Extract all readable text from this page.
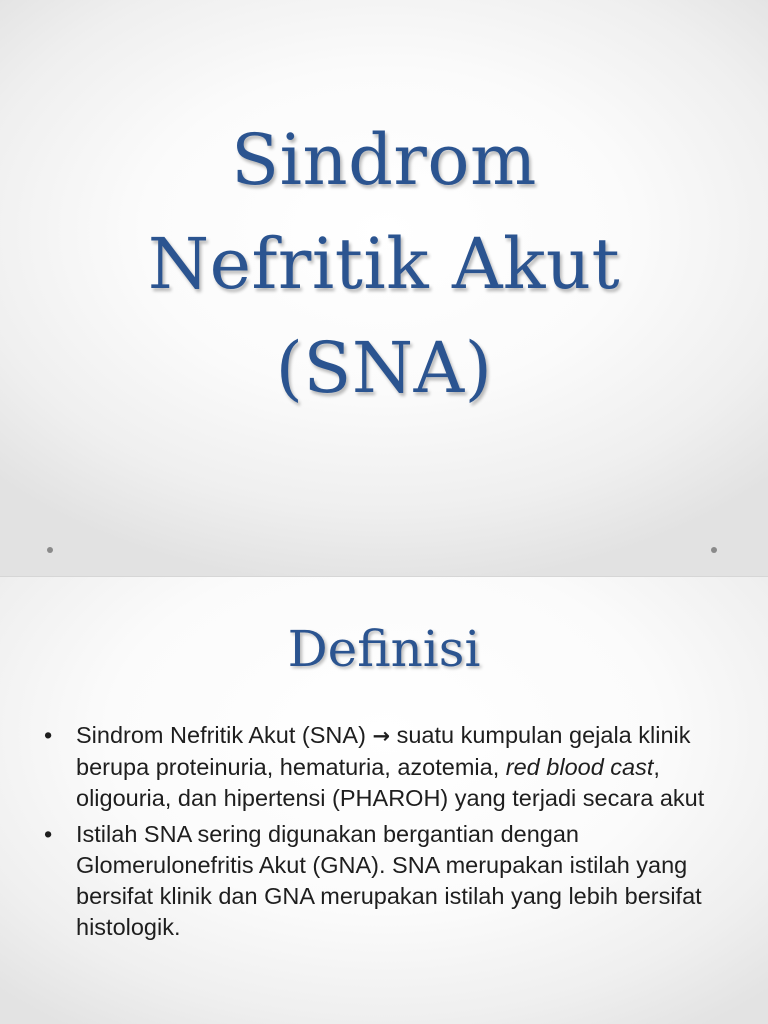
Sindrom
Nefritik Akut
(SNA)
Definisi
• Sindrom Nefritik Akut (SNA) → suatu kumpulan gejala klinik berupa proteinuria, hematuria, azotemia, red blood cast, oligouria, dan hipertensi (PHAROH) yang terjadi secara akut
• Istilah SNA sering digunakan bergantian dengan Glomerulonefritis Akut (GNA). SNA merupakan istilah yang bersifat klinik dan GNA merupakan istilah yang lebih bersifat histologik.
